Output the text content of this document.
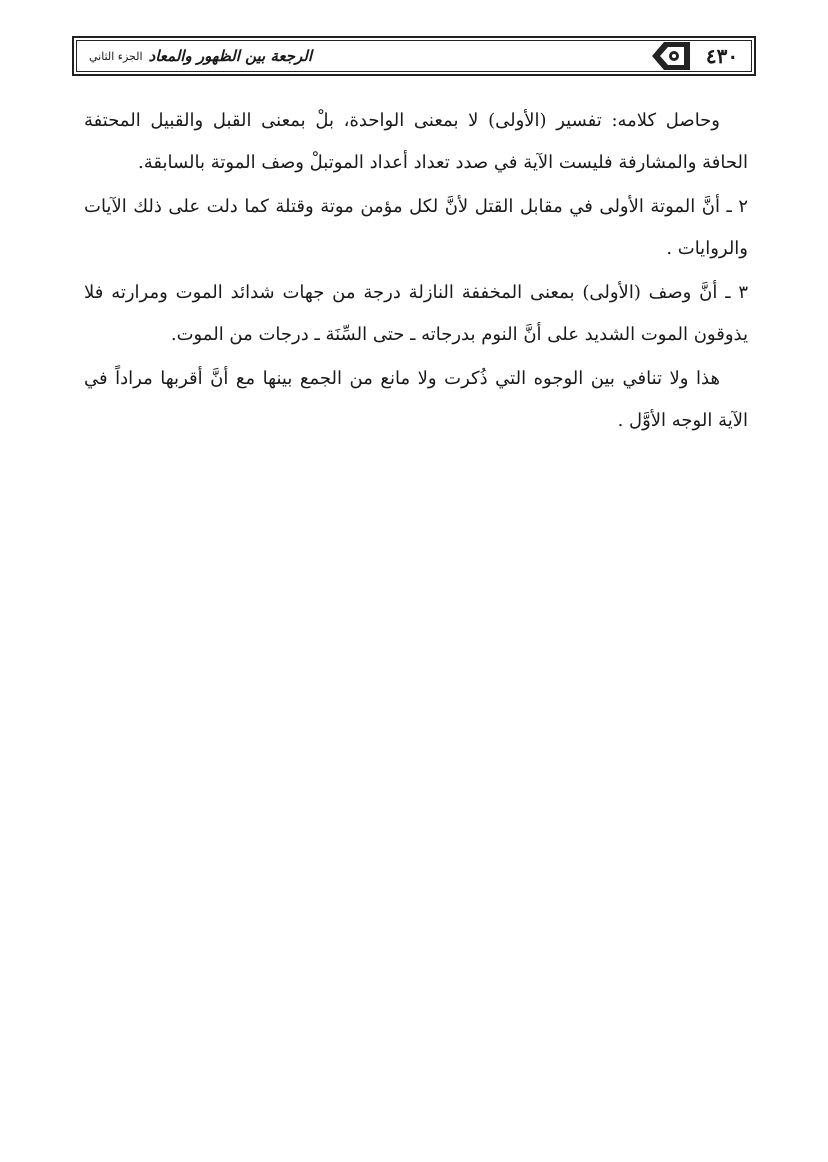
٤٣٠
الرجعة بين الظهور والمعاد
الجزء الثاني

وحاصل كلامه: تفسير (الأولى) لا بمعنى الواحدة، بلْ بمعنى القبل والقبيل المحتفة الحافة والمشارفة فليست الآية في صدد تعداد أعداد الموتبلْ وصف الموتة بالسابقة.

٢ ـ أنَّ الموتة الأولى في مقابل القتل لأنَّ لكل مؤمن موتة وقتلة كما دلت على ذلك الآيات والروايات .

٣ ـ أنَّ وصف (الأولى) بمعنى المخففة النازلة درجة من جهات شدائد الموت ومرارته فلا يذوقون الموت الشديد على أنَّ النوم بدرجاته ـ حتى السِّنَة ـ درجات من الموت.

هذا ولا تنافي بين الوجوه التي ذُكرت ولا مانع من الجمع بينها مع أنَّ أقربها مراداً في الآية الوجه الأوَّل .
